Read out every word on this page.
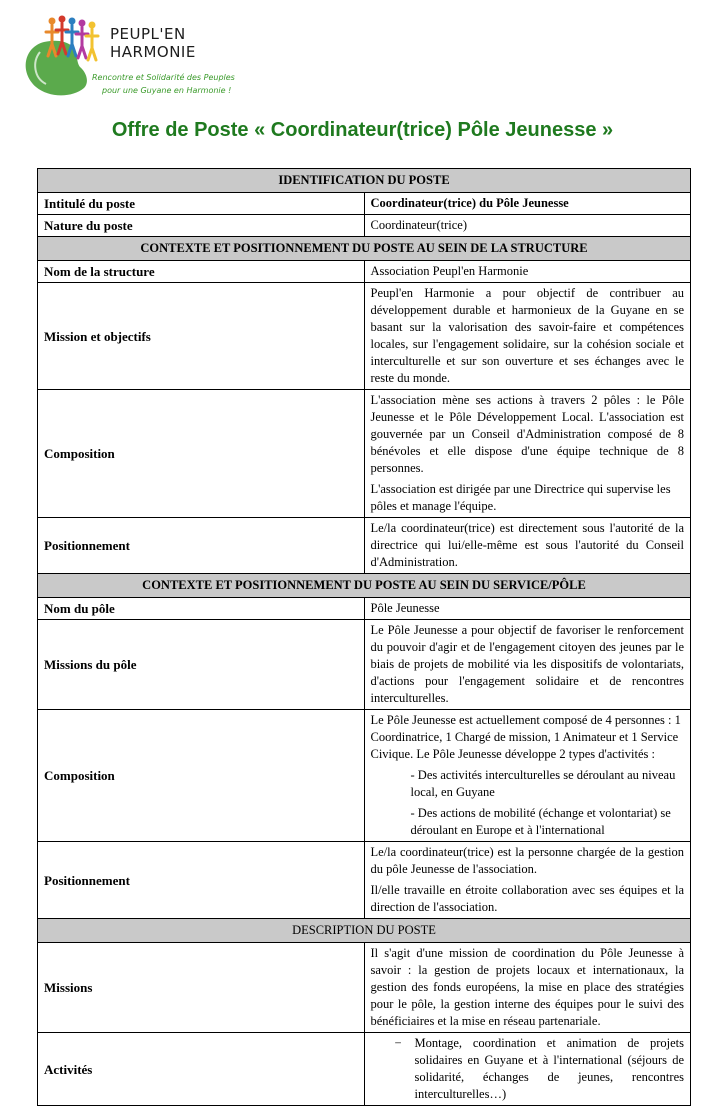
PEUPL'EN
HARMONIE
Rencontre et Solidarité des Peuples
pour une Guyane en Harmonie !
Offre de Poste « Coordinateur(trice) Pôle Jeunesse »
IDENTIFICATION DU POSTE	
Intitulé du poste	Coordinateur(trice) du Pôle Jeunesse
Nature du poste	Coordinateur(trice)
CONTEXTE ET POSITIONNEMENT DU POSTE AU SEIN DE LA STRUCTURE	
Nom de la structure	Association Peupl'en Harmonie
Mission et objectifs	Peupl'en Harmonie a pour objectif de contribuer au développement durable et harmonieux de la Guyane en se basant sur la valorisation des savoir-faire et compétences locales, sur l'engagement solidaire, sur la cohésion sociale et interculturelle et sur son ouverture et ses échanges avec le reste du monde.
Composition	L'association mène ses actions à travers 2 pôles : le Pôle Jeunesse et le Pôle Développement Local. L'association est gouvernée par un Conseil d'Administration composé de 8 bénévoles et elle dispose d'une équipe technique de 8 personnes.

L'association est dirigée par une Directrice qui supervise les pôles et manage l'équipe.

Positionnement	Le/la coordinateur(trice) est directement sous l'autorité de la directrice qui lui/elle-même est sous l'autorité du Conseil d'Administration.
CONTEXTE ET POSITIONNEMENT DU POSTE AU SEIN DU SERVICE/PÔLE	
Nom du pôle	Pôle Jeunesse
Missions du pôle	Le Pôle Jeunesse a pour objectif de favoriser le renforcement du pouvoir d'agir et de l'engagement citoyen des jeunes par le biais de projets de mobilité via les dispositifs de volontariats, d'actions pour l'engagement solidaire et de rencontres interculturelles.
Composition	Le Pôle Jeunesse est actuellement composé de 4 personnes : 1 Coordinatrice, 1 Chargé de mission, 1 Animateur et 1 Service Civique. Le Pôle Jeunesse développe 2 types d'activités :

- Des activités interculturelles se déroulant au niveau local, en Guyane

- Des actions de mobilité (échange et volontariat) se déroulant en Europe et à l'international

Positionnement	Le/la coordinateur(trice) est la personne chargée de la gestion du pôle Jeunesse de l'association.

Il/elle travaille en étroite collaboration avec ses équipes et la direction de l'association.

DESCRIPTION DU POSTE	
Missions	Il s'agit d'une mission de coordination du Pôle Jeunesse à savoir : la gestion de projets locaux et internationaux, la gestion des fonds européens, la mise en place des stratégies pour le pôle, la gestion interne des équipes pour le suivi des bénéficiaires et la mise en réseau partenariale.
Activités	− Montage, coordination et animation de projets solidaires en Guyane et à l'international (séjours de solidarité, échanges de jeunes, rencontres interculturelles…)
